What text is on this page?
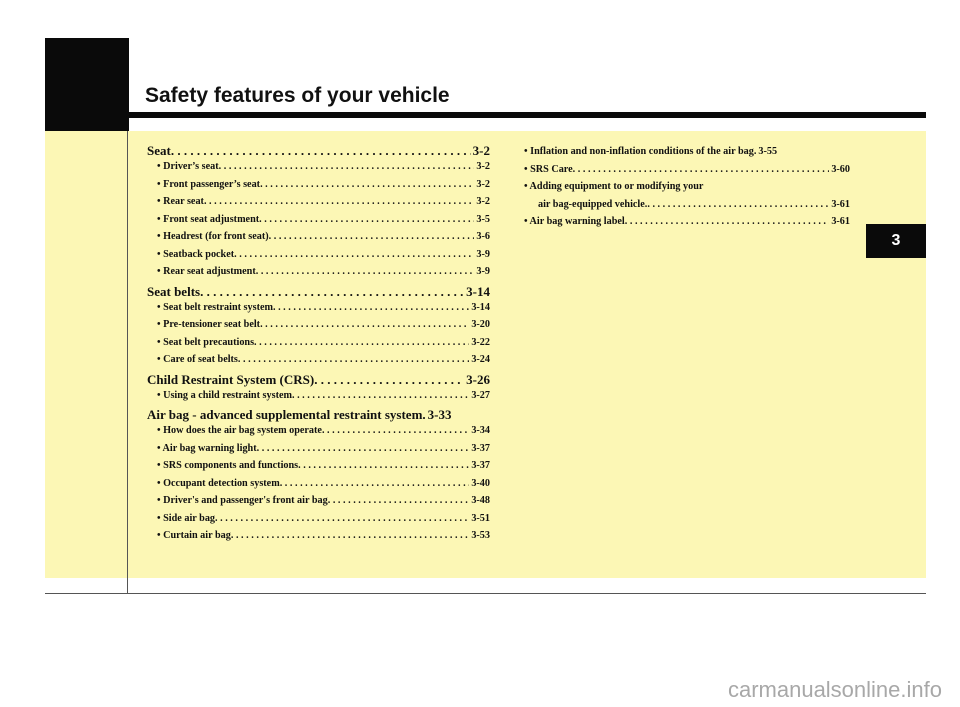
Safety features of your vehicle
3
Seat . . .	3-2
• Driver’s seat . . .	3-2
• Front passenger’s seat . . .	3-2
• Rear seat . . .	3-2
• Front seat adjustment . . .	3-5
• Headrest (for front seat) . . .	3-6
• Seatback pocket . . .	3-9
• Rear seat adjustment . . .	3-9
Seat belts . . .	3-14
• Seat belt restraint system . . .	3-14
• Pre-tensioner seat belt . . .	3-20
• Seat belt precautions . . .	3-22
• Care of seat belts . . .	3-24
Child Restraint System (CRS) . . .	3-26
• Using a child restraint system . . .	3-27
Air bag - advanced supplemental restraint system. 3-33
• How does the air bag system operate . . .	3-34
• Air bag warning light . . .	3-37
• SRS components and functions . . .	3-37
• Occupant detection system . . .	3-40
• Driver's and passenger's front air bag . . .	3-48
• Side air bag . . .	3-51
• Curtain air bag . . .	3-53
• Inflation and non-inflation conditions of the air bag. 3-55
• SRS Care . . .	3-60
• Adding equipment to or modifying your
air bag-equipped vehicle. . . .	3-61
• Air bag warning label . . .	3-61
carmanualsonline.info
